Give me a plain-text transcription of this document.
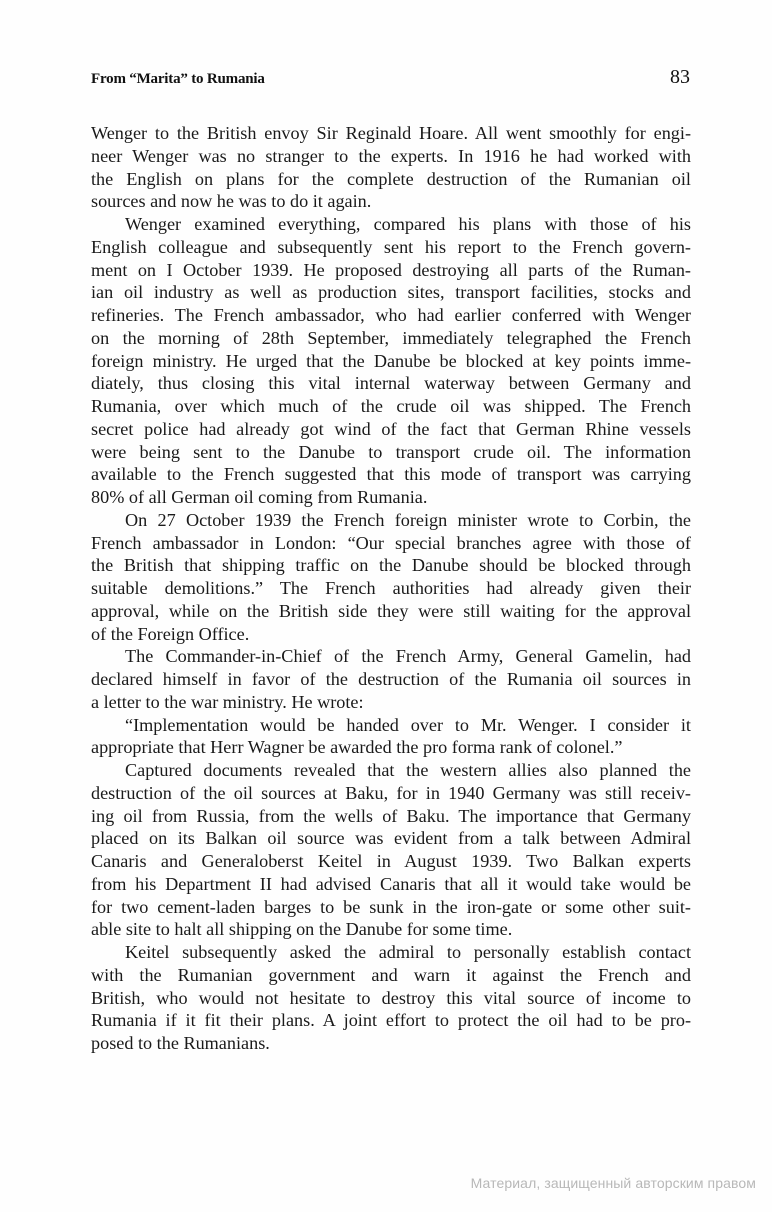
From “Marita” to Rumania	83
Wenger to the British envoy Sir Reginald Hoare. All went smoothly for engi-
neer Wenger was no stranger to the experts. In 1916 he had worked with
the English on plans for the complete destruction of the Rumanian oil
sources and now he was to do it again.
Wenger examined everything, compared his plans with those of his
English colleague and subsequently sent his report to the French govern-
ment on I October 1939. He proposed destroying all parts of the Ruman-
ian oil industry as well as production sites, transport facilities, stocks and
refineries. The French ambassador, who had earlier conferred with Wenger
on the morning of 28th September, immediately telegraphed the French
foreign ministry. He urged that the Danube be blocked at key points imme-
diately, thus closing this vital internal waterway between Germany and
Rumania, over which much of the crude oil was shipped. The French
secret police had already got wind of the fact that German Rhine vessels
were being sent to the Danube to transport crude oil. The information
available to the French suggested that this mode of transport was carrying
80% of all German oil coming from Rumania.
On 27 October 1939 the French foreign minister wrote to Corbin, the
French ambassador in London: “Our special branches agree with those of
the British that shipping traffic on the Danube should be blocked through
suitable demolitions.” The French authorities had already given their
approval, while on the British side they were still waiting for the approval
of the Foreign Office.
The Commander-in-Chief of the French Army, General Gamelin, had
declared himself in favor of the destruction of the Rumania oil sources in
a letter to the war ministry. He wrote:
“Implementation would be handed over to Mr. Wenger. I consider it
appropriate that Herr Wagner be awarded the pro forma rank of colonel.”
Captured documents revealed that the western allies also planned the
destruction of the oil sources at Baku, for in 1940 Germany was still receiv-
ing oil from Russia, from the wells of Baku. The importance that Germany
placed on its Balkan oil source was evident from a talk between Admiral
Canaris and Generaloberst Keitel in August 1939. Two Balkan experts
from his Department II had advised Canaris that all it would take would be
for two cement-laden barges to be sunk in the iron-gate or some other suit-
able site to halt all shipping on the Danube for some time.
Keitel subsequently asked the admiral to personally establish contact
with the Rumanian government and warn it against the French and
British, who would not hesitate to destroy this vital source of income to
Rumania if it fit their plans. A joint effort to protect the oil had to be pro-
posed to the Rumanians.
Материал, защищенный авторским правом
